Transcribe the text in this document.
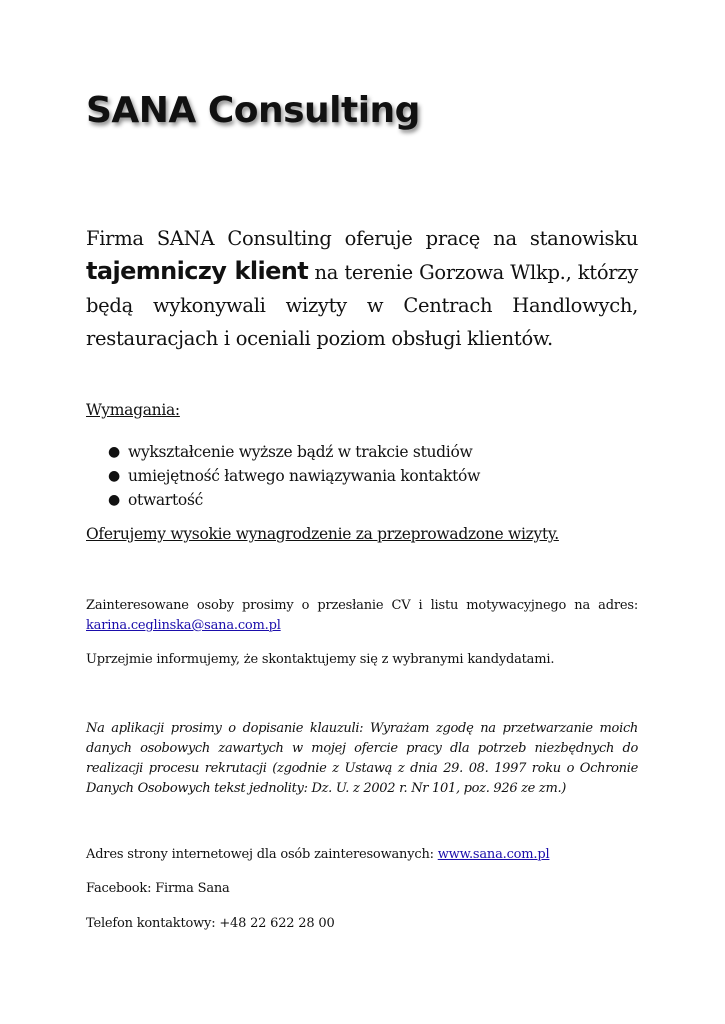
SANA Consulting

Firma SANA Consulting oferuje pracę na stanowisku tajemniczy klient na terenie Gorzowa Wlkp., którzy będą wykonywali wizyty w Centrach Handlowych, restauracjach i oceniali poziom obsługi klientów.

Wymagania:

● wykształcenie wyższe bądź w trakcie studiów
● umiejętność łatwego nawiązywania kontaktów
● otwartość

Oferujemy wysokie wynagrodzenie za przeprowadzone wizyty.

Zainteresowane osoby prosimy o przesłanie CV i listu motywacyjnego na adres: karina.ceglinska@sana.com.pl

Uprzejmie informujemy, że skontaktujemy się z wybranymi kandydatami.

Na aplikacji prosimy o dopisanie klauzuli: Wyrażam zgodę na przetwarzanie moich danych osobowych zawartych w mojej ofercie pracy dla potrzeb niezbędnych do realizacji procesu rekrutacji (zgodnie z Ustawą z dnia 29. 08. 1997 roku o Ochronie Danych Osobowych tekst jednolity: Dz. U. z 2002 r. Nr 101, poz. 926 ze zm.)

Adres strony internetowej dla osób zainteresowanych: www.sana.com.pl

Facebook: Firma Sana

Telefon kontaktowy: +48 22 622 28 00
